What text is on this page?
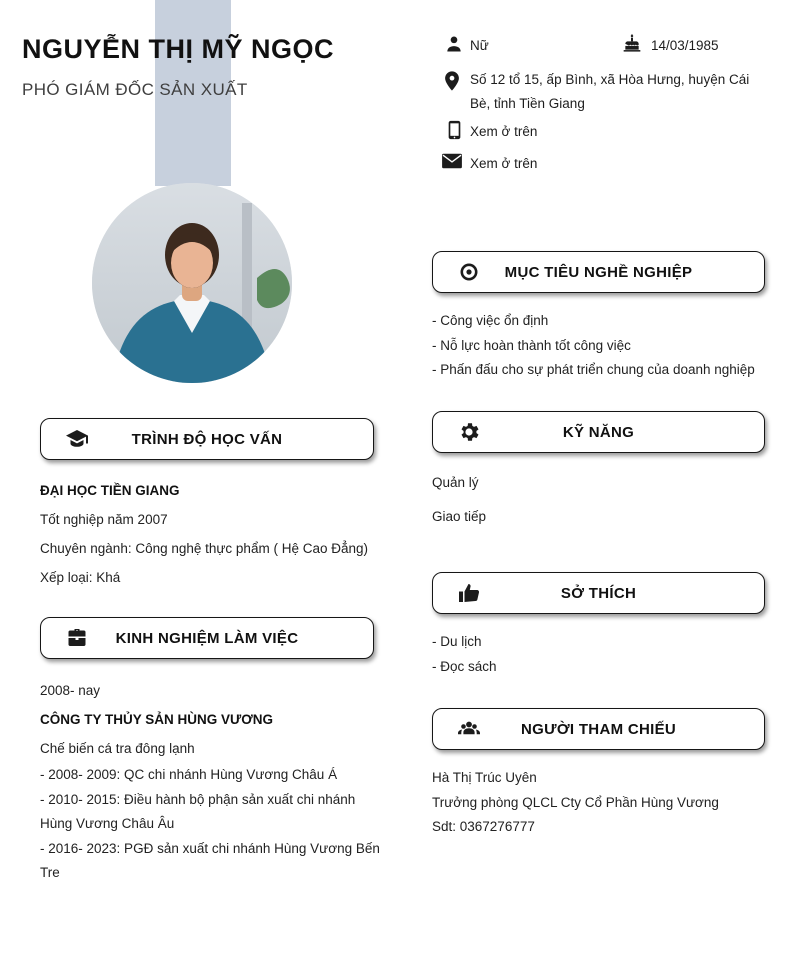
NGUYỄN THỊ MỸ NGỌC
PHÓ GIÁM ĐỐC SẢN XUẤT
Nữ	14/03/1985
Số 12 tổ 15, ấp Bình, xã Hòa Hưng, huyện Cái Bè, tỉnh Tiền Giang
Xem ở trên
Xem ở trên
TRÌNH ĐỘ HỌC VẤN
ĐẠI HỌC TIỀN GIANG
Tốt nghiệp năm 2007
Chuyên ngành: Công nghệ thực phẩm ( Hệ Cao Đẳng)
Xếp loại: Khá
KINH NGHIỆM LÀM VIỆC
2008- nay
CÔNG TY THỦY SẢN HÙNG VƯƠNG
Chế biến cá tra đông lạnh
- 2008- 2009: QC chi nhánh Hùng Vương Châu Á
- 2010- 2015: Điều hành bộ phận sản xuất chi nhánh Hùng Vương Châu Âu
- 2016- 2023: PGĐ sản xuất chi nhánh Hùng Vương Bến Tre
MỤC TIÊU NGHỀ NGHIỆP
- Công việc ổn định
- Nỗ lực hoàn thành tốt công việc
- Phấn đấu cho sự phát triển chung của doanh nghiệp
KỸ NĂNG
Quản lý
Giao tiếp
SỞ THÍCH
- Du lịch
- Đọc sách
NGƯỜI THAM CHIẾU
Hà Thị Trúc Uyên
Trưởng phòng QLCL Cty Cổ Phần Hùng Vương
Sdt: 0367276777
